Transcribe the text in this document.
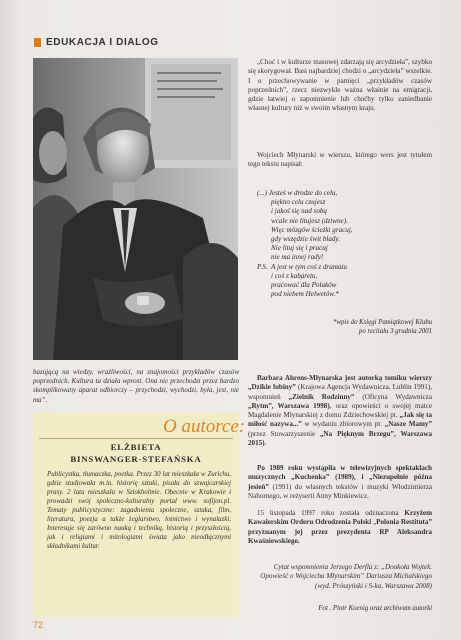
EDUKACJA I DIALOG

„Choć i w kulturze masowej zdarzają się arcydzieła”, szybko się skorygował. Basi najbardziej chodzi o „arcydzieła” wszelkie. I o przechowywanie w pamięci „przykładów czasów poprzednich”, rzecz niezwykle ważna właśnie na emigracji, gdzie łatwiej o zapomnienie lub choćby tylko zaniedbanie własnej kultury niż w swoim własnym kraju.

Wojciech Młynarski w wierszu, którego wers jest tytułem tego tekstu napisał:

(...) Jesteś w drodze do celu,
piękno celu czujesz
i jakoś się nad sobą
wcale nie litujesz (dziwne).
Więc mózgów ścieżki gracuj,
gdy wszędzie świt blady.
Nie lituj się i pracuj
nie ma innej rady!
P.S. A jest w tym coś z dramatu
i coś z kabaretu,
pracować dla Polaków
pod niebem Helwetów.*
*wpis do Księgi Pamiątkowej Klubu
po recitalu 3 grudnia 2001

Barbara Ahrens-Młynarska jest autorką tomiku wierszy „Dzikie lubiny” (Krajowa Agencja Wydawnicza, Lublin 1991), wspomnień „Zielnik Rodzinny” (Oficyna Wydawnicza „Rytm”, Warszawa 1998), oraz opowieści o swojej matce Magdalenie Młynarskiej z domu Zdziechowskiej pt. „Jak się ta miłość nazywa...” w wydaniu zbiorowym pt. „Nasze Mamy” (przez Stowarzyszenie „Na Pięknym Brzegu”, Warszawa 2015).

Po 1989 roku wystąpiła w telewizyjnych spektaklach muzycznych „Kuchenka” (1989), i „Niezupełnie późna jesień” (1991) do własnych tekstów i muzyki Włodzimierza Nahornego, w reżyserii Anny Minkiewicz.

15 listopada 1997 roku została odznaczona Krzyżem Kawalerskim Orderu Odrodzenia Polski „Polonia Restituta” przyznanym jej przez prezydenta RP Aleksandra Kwaśniewskiego.

Cytat wspomnienia Jerzego Derfla z: „Dookoła Wojtek. Opowieść o Wojciechu Młynarskim” Dariusza Michalskiego (wyd. Prószyński i S-ka, Warszawa 2008)

Fot . Piotr Koenig oraz archiwum autorki
bazującą na wiedzy, wrażliwości, na znajomości przykładów czasów poprzednich. Kultura ta działa wprost. Ona nie przechodzi przez bardzo skomplikowany aparat odbiorczy – przychodzi, wychodzi, była, jest, nie ma”.
O autorce:
ELŻBIETA
BINSWANGER-STEFAŃSKA
Publicystka, tłumaczka, poetka. Przez 30 lat mieszkała w Zurichu, gdzie studiowała m.in. historię sztuki, pisała do szwajcarskiej prasy. 2 lata mieszkała w Sztokholmie. Obecnie w Krakowie i prowadzi swój społeczno-kulturalny portal www. sofijon.pl. Tematy publicystyczne: zagadnienia społeczne, sztuka, film, literatura, poezja a także żeglarstwo, lotnictwo i wynalazki. Interesuje się zarówno nauką i techniką, historią i przyszłością, jak i religiami i mitologiami świata jako nieodłącznymi składnikami kultur.
72
